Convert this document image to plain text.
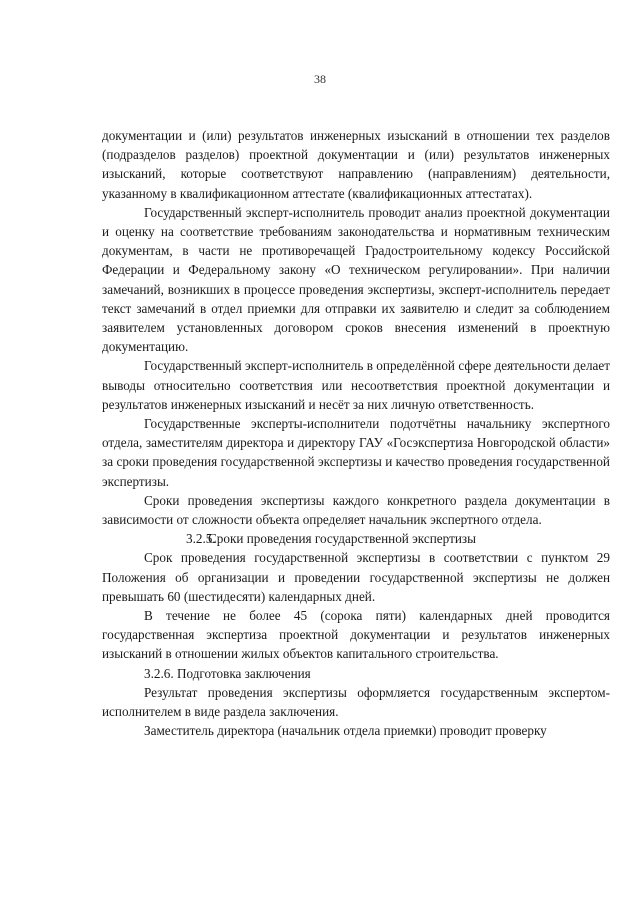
38

документации и (или) результатов инженерных изысканий в отношении тех разделов (подразделов разделов) проектной документации и (или) результатов инженерных изысканий, которые соответствуют направлению (направлениям) деятельности, указанному в квалификационном аттестате (квалификационных аттестатах).

Государственный эксперт-исполнитель проводит анализ проектной документации и оценку на соответствие требованиям законодательства и нормативным техническим документам, в части не противоречащей Градостроительному кодексу Российской Федерации и Федеральному закону «О техническом регулировании». При наличии замечаний, возникших в процессе проведения экспертизы, эксперт-исполнитель передает текст замечаний в отдел приемки для отправки их заявителю и следит за соблюдением заявителем установленных договором сроков внесения изменений в проектную документацию.

Государственный эксперт-исполнитель в определённой сфере деятельности делает выводы относительно соответствия или несоответствия проектной документации и результатов инженерных изысканий и несёт за них личную ответственность.

Государственные эксперты-исполнители подотчётны начальнику экспертного отдела, заместителям директора и директору ГАУ «Госэкспертиза Новгородской области» за сроки проведения государственной экспертизы и качество проведения государственной экспертизы.

Сроки проведения экспертизы каждого конкретного раздела документации в зависимости от сложности объекта определяет начальник экспертного отдела.

3.2.5.Сроки проведения государственной экспертизы

Срок проведения государственной экспертизы в соответствии с пунктом 29 Положения об организации и проведении государственной экспертизы не должен превышать 60 (шестидесяти) календарных дней.

В течение не более 45 (сорока пяти) календарных дней проводится государственная экспертиза проектной документации и результатов инженерных изысканий в отношении жилых объектов капитального строительства.

3.2.6. Подготовка заключения

Результат проведения экспертизы оформляется государственным экспертом-исполнителем в виде раздела заключения.

Заместитель директора (начальник отдела приемки) проводит проверку
